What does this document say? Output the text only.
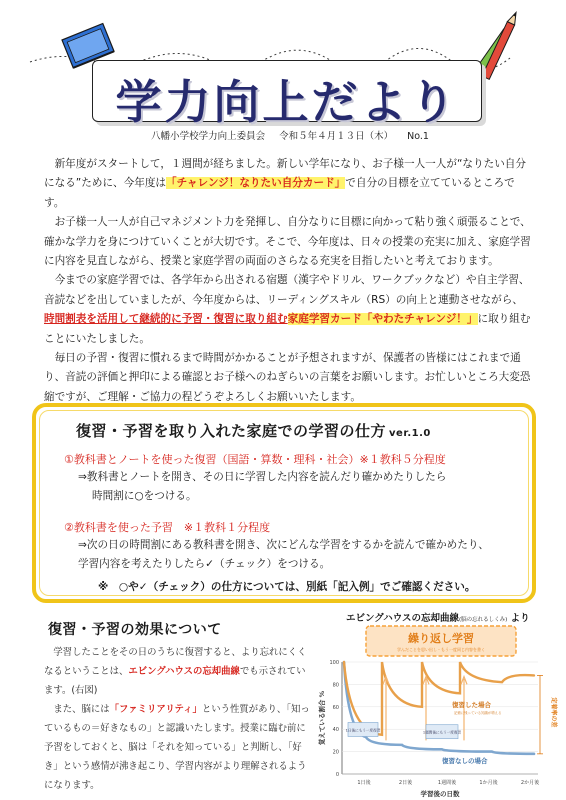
学力向上だより
八幡小学校学力向上委員会 令和５年４月１３日（木） No.1

新年度がスタートして，１週間が経ちました。新しい学年になり、お子様一人一人が“なりたい自分になる”ために、今年度は「チャレンジ！なりたい自分カード」で自分の目標を立てているところです。

お子様一人一人が自己マネジメント力を発揮し、自分なりに目標に向かって粘り強く頑張ることで、確かな学力を身につけていくことが大切です。そこで、今年度は、日々の授業の充実に加え、家庭学習に内容を見直しながら、授業と家庭学習の両面のさらなる充実を目指したいと考えております。

今までの家庭学習では、各学年から出される宿題（漢字やドリル、ワークブックなど）や自主学習、音読などを出していましたが、今年度からは、リーディングスキル（RS）の向上と連動させながら、時間割表を活用して継続的に予習・復習に取り組む家庭学習カード「やわたチャレンジ！」に取り組むことにいたしました。

毎日の予習・復習に慣れるまで時間がかかることが予想されますが、保護者の皆様にはこれまで通り、音読の評価と押印による確認とお子様へのねぎらいの言葉をお願いします。お忙しいところ大変恐縮ですが、ご理解・ご協力の程どうぞよろしくお願いいたします。

復習・予習を取り入れた家庭での学習の仕方 ver.1.0
①教科書とノートを使った復習（国語・算数・理科・社会）※１教科５分程度
⇒教科書とノートを開き、その日に学習した内容を読んだり確かめたりしたら
時間割に○をつける。
②教科書を使った予習　※１教科１分程度
⇒次の日の時間割にある教科書を開き、次にどんな学習をするかを読んで確かめたり、
学習内容を考えたりしたら✓（チェック）をつける。
※　○や✓（チェック）の仕方については、別紙「記入例」でご確認ください。
復習・予習の効果について

学習したことをその日のうちに復習すると、より忘れにくくなるということは、エビングハウスの忘却曲線でも示されています。(右図)

また、脳には「ファミリアリティ」という性質があり、「知っているもの＝好きなもの」と認識いたします。授業に臨む前に予習をしておくと、脳は「それを知っている」と判断し、「好き」という感情が沸き起こり、学習内容がより理解されるようになります。

エビングハウスの忘却曲線(脳の忘れるしくみ) より
繰り返し学習
学んだことを思い出し・もう一度同じ内容を書く
0
20
40
60
80
100
覚えている割合 %
1日後	2日後	1週間後	1か月後	2か月後
学習後の日数
1日後にもう一度復習
1週間後にもう一度復習
復習した場合
記憶に残っている知識が増える
復習なしの場合
定着率の差
